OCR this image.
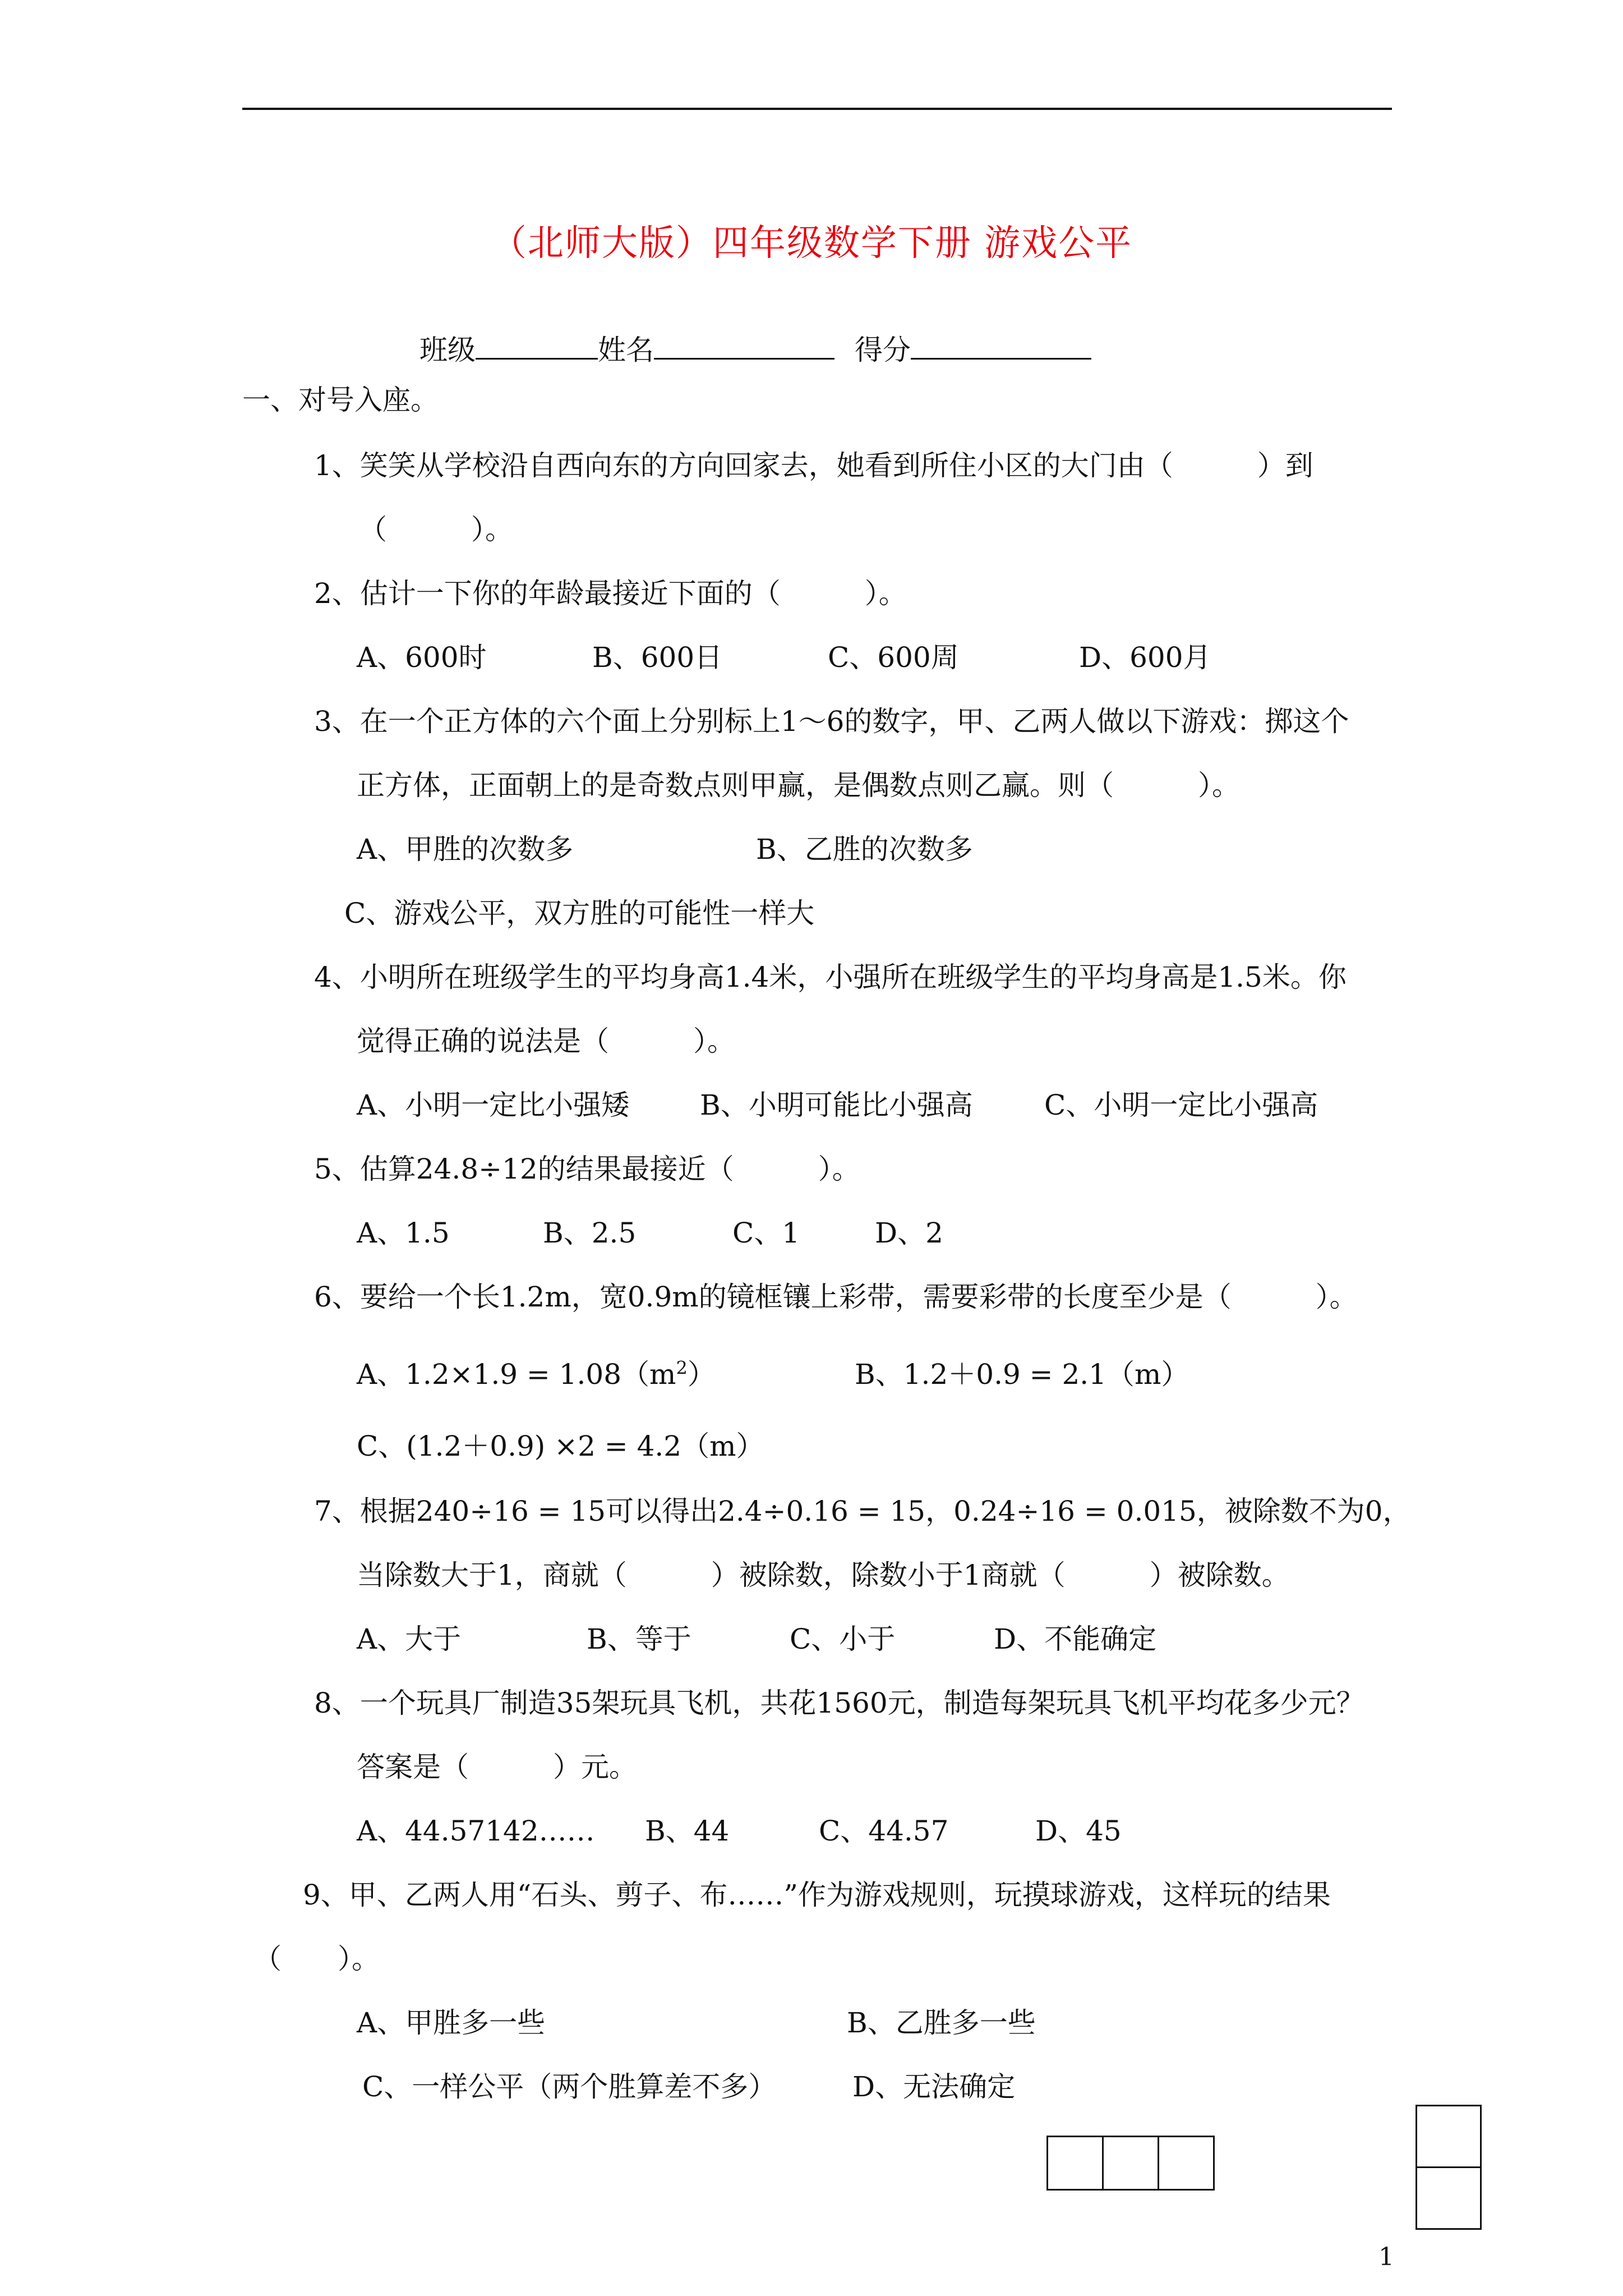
（北师大版）四年级数学下册 游戏公平
班级	姓名	得分
一、对号入座。
1、笑笑从学校沿自西向东的方向回家去，她看到所住小区的大门由（　　　）到
（　　　）。
2、估计一下你的年龄最接近下面的（　　　）。
A、600时	B、600日	C、600周	D、600月
3、在一个正方体的六个面上分别标上1～6的数字，甲、乙两人做以下游戏：掷这个
正方体，正面朝上的是奇数点则甲赢，是偶数点则乙赢。则（　　　）。
A、甲胜的次数多	B、乙胜的次数多
C、游戏公平，双方胜的可能性一样大
4、小明所在班级学生的平均身高1.4米，小强所在班级学生的平均身高是1.5米。你
觉得正确的说法是（　　　）。
A、小明一定比小强矮	B、小明可能比小强高	C、小明一定比小强高
5、估算24.8÷12的结果最接近（　　　）。
A、1.5	B、2.5	C、1	D、2
6、要给一个长1.2m，宽0.9m的镜框镶上彩带，需要彩带的长度至少是（　　　）。
A、$1.2\times 1.9 = 1.08(m^2)$	B、1.2＋0.9 = 2.1（m）
C、(1.2＋0.9) ×2 = 4.2（m）
7、根据240÷16 = 15可以得出2.4÷0.16 = 15，0.24÷16 = 0.015，被除数不为0，
当除数大于1，商就（　　　）被除数，除数小于1商就（　　　）被除数。
A、大于	B、等于	C、小于	D、不能确定
8、一个玩具厂制造35架玩具飞机，共花1560元，制造每架玩具飞机平均花多少元？
答案是（　　　）元。
A、44.57142…… B、44	C、44.57	D、45
9、甲、乙两人用“石头、剪子、布……”作为游戏规则，玩摸球游戏，这样玩的结果
（　　）。
A、甲胜多一些	B、乙胜多一些
C、一样公平（两个胜算差不多）	D、无法确定
1
